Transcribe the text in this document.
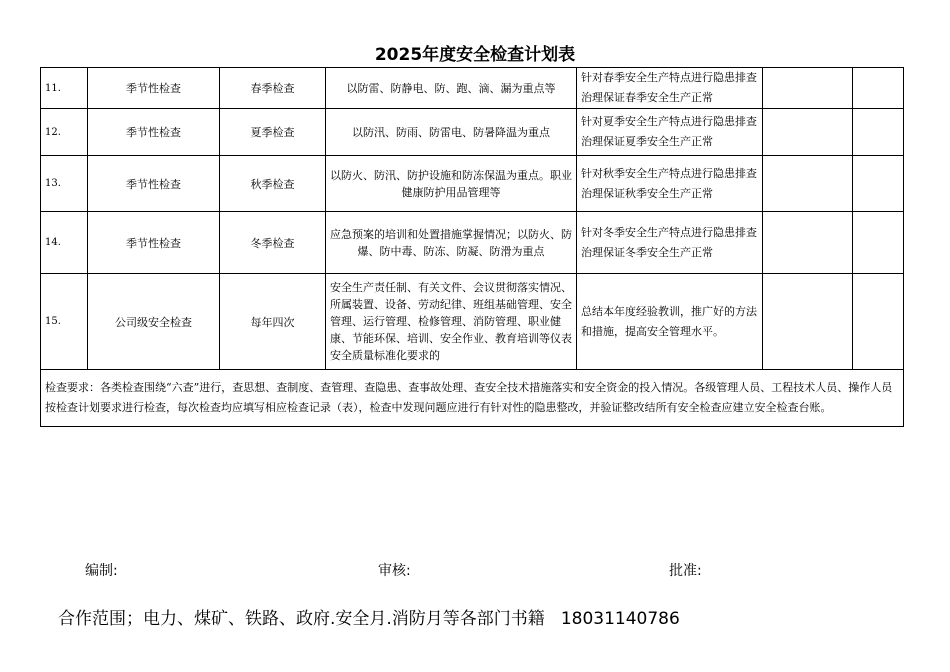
2025年度安全检查计划表
11.	季节性检查	春季检查	以防雷、防静电、防、跑、滴、漏为重点等	针对春季安全生产特点进行隐患排查治理保证春季安全生产正常		
12.	季节性检查	夏季检查	以防汛、防雨、防雷电、防暑降温为重点	针对夏季安全生产特点进行隐患排查治理保证夏季安全生产正常		
13.	季节性检查	秋季检查	以防火、防汛、防护设施和防冻保温为重点。职业健康防护用品管理等	针对秋季安全生产特点进行隐患排查治理保证秋季安全生产正常		
14.	季节性检查	冬季检查	应急预案的培训和处置措施掌握情况；以防火、防爆、防中毒、防冻、防凝、防滑为重点	针对冬季安全生产特点进行隐患排查治理保证冬季安全生产正常		
15.	公司级安全检查	每年四次	安全生产责任制、有关文件、会议贯彻落实情况、所属装置、设备、劳动纪律、班组基础管理、安全管理、运行管理、检修管理、消防管理、职业健康、节能环保、培训、安全作业、教育培训等仪表安全质量标准化要求的	总结本年度经验教训，推广好的方法和措施，提高安全管理水平。		
检查要求：各类检查围绕“六查”进行，查思想、查制度、查管理、查隐患、查事故处理、查安全技术措施落实和安全资金的投入情况。各级管理人员、工程技术人员、操作人员按检查计划要求进行检查，每次检查均应填写相应检查记录（表），检查中发现问题应进行有针对性的隐患整改，并验证整改结所有安全检查应建立安全检查台账。						
编制:	审核:	批准:
合作范围；电力、煤矿、铁路、政府.安全月.消防月等各部门书籍 18031140786
